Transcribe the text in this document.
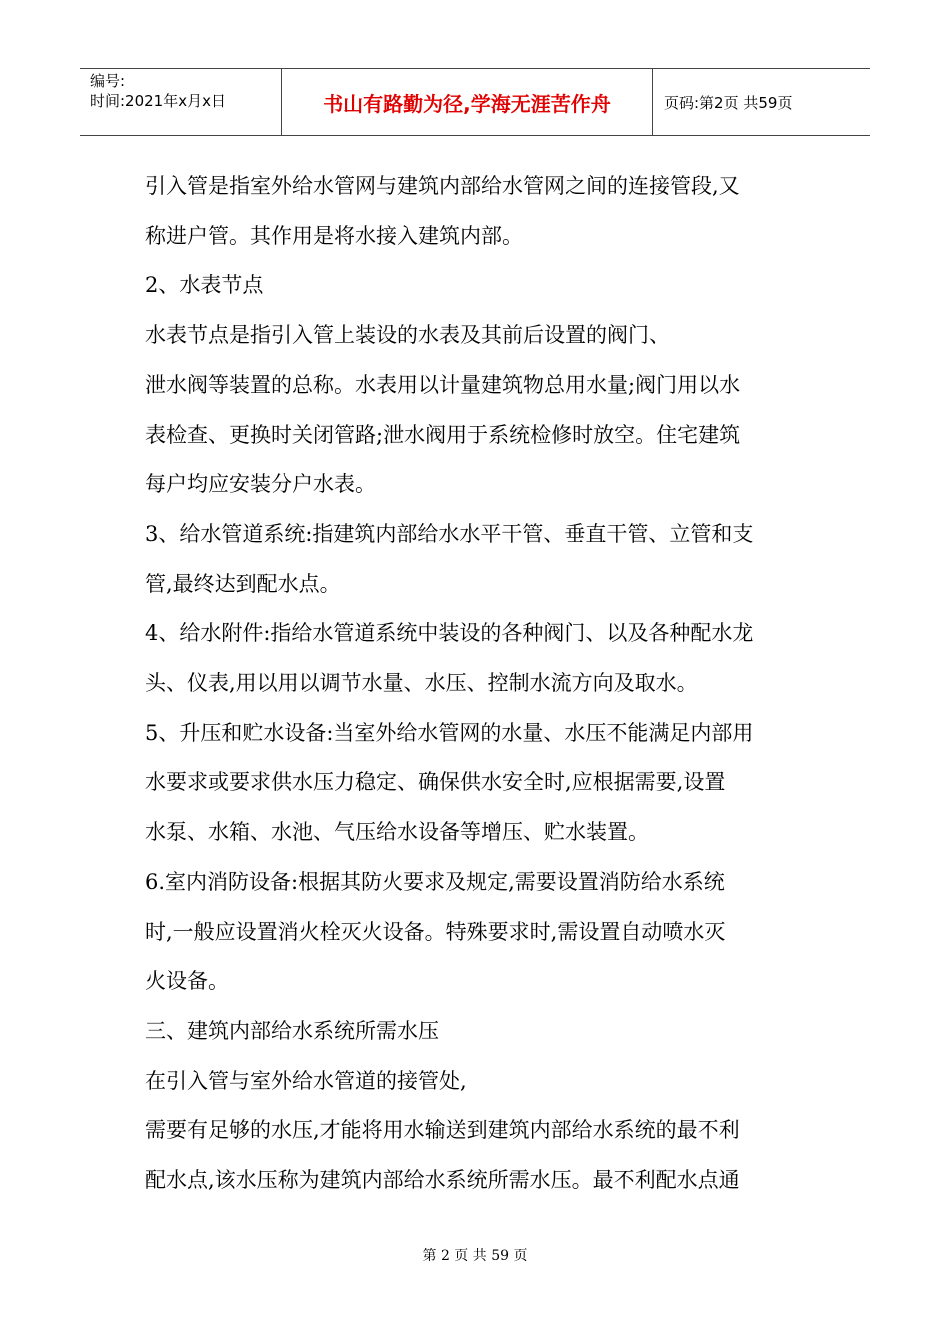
编号:
时间:2021年x月x日	书山有路勤为径,学海无涯苦作舟	页码:第2页 共59页

引入管是指室外给水管网与建筑内部给水管网之间的连接管段,又

称进户管。其作用是将水接入建筑内部。

2、水表节点

水表节点是指引入管上装设的水表及其前后设置的阀门、

泄水阀等装置的总称。水表用以计量建筑物总用水量;阀门用以水

表检查、更换时关闭管路;泄水阀用于系统检修时放空。住宅建筑

每户均应安装分户水表。

3、给水管道系统:指建筑内部给水水平干管、垂直干管、立管和支

管,最终达到配水点。

4、给水附件:指给水管道系统中装设的各种阀门、以及各种配水龙

头、仪表,用以用以调节水量、水压、控制水流方向及取水。

5、升压和贮水设备:当室外给水管网的水量、水压不能满足内部用

水要求或要求供水压力稳定、确保供水安全时,应根据需要,设置

水泵、水箱、水池、气压给水设备等增压、贮水装置。

6.室内消防设备:根据其防火要求及规定,需要设置消防给水系统

时,一般应设置消火栓灭火设备。特殊要求时,需设置自动喷水灭

火设备。

三、建筑内部给水系统所需水压

在引入管与室外给水管道的接管处,

需要有足够的水压,才能将用水输送到建筑内部给水系统的最不利

配水点,该水压称为建筑内部给水系统所需水压。最不利配水点通

第 2 页 共 59 页
